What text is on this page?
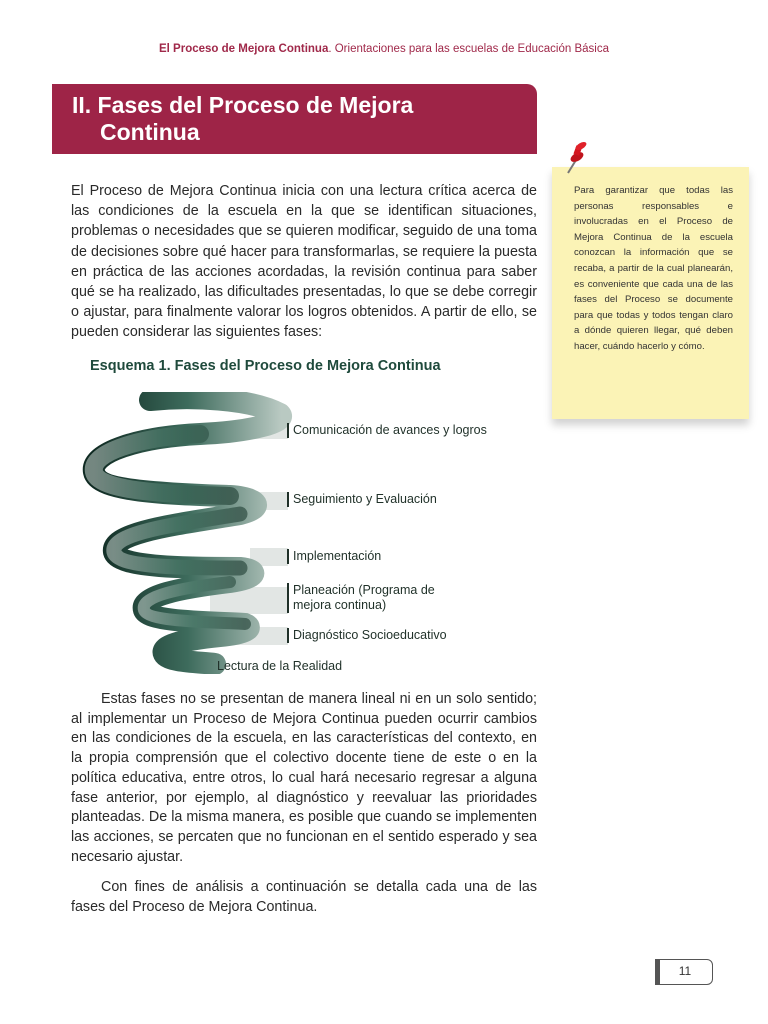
El Proceso de Mejora Continua. Orientaciones para las escuelas de Educación Básica
II. Fases del Proceso de Mejora
Continua
El Proceso de Mejora Continua inicia con una lectura crítica acerca de las condiciones de la escuela en la que se identifican situaciones, problemas o necesidades que se quieren modificar, seguido de una toma de decisiones sobre qué hacer para transformarlas, se requiere la puesta en práctica de las acciones acordadas, la revisión continua para saber qué se ha realizado, las dificultades presentadas, lo que se debe corregir o ajustar, para finalmente valorar los logros obtenidos. A partir de ello, se pueden considerar las siguientes fases:
Para garantizar que todas las personas responsables e involucradas en el Proceso de Mejora Continua de la escuela conozcan la información que se recaba, a partir de la cual planearán, es conveniente que cada una de las fases del Proceso se documente para que todas y todos tengan claro a dónde quieren llegar, qué deben hacer, cuándo hacerlo y cómo.
Esquema 1. Fases del Proceso de Mejora Continua
Comunicación de avances y logros
Seguimiento y Evaluación
Implementación
Planeación (Programa de mejora continua)
Diagnóstico Socioeducativo
Lectura de la Realidad
Estas fases no se presentan de manera lineal ni en un solo sentido; al implementar un Proceso de Mejora Continua pueden ocurrir cambios en las condiciones de la escuela, en las características del contexto, en la propia comprensión que el colectivo docente tiene de este o en la política educativa, entre otros, lo cual hará necesario regresar a alguna fase anterior, por ejemplo, al diagnóstico y reevaluar las prioridades planteadas. De la misma manera, es posible que cuando se implementen las acciones, se percaten que no funcionan en el sentido esperado y sea necesario ajustar.
Con fines de análisis a continuación se detalla cada una de las fases del Proceso de Mejora Continua.
11
